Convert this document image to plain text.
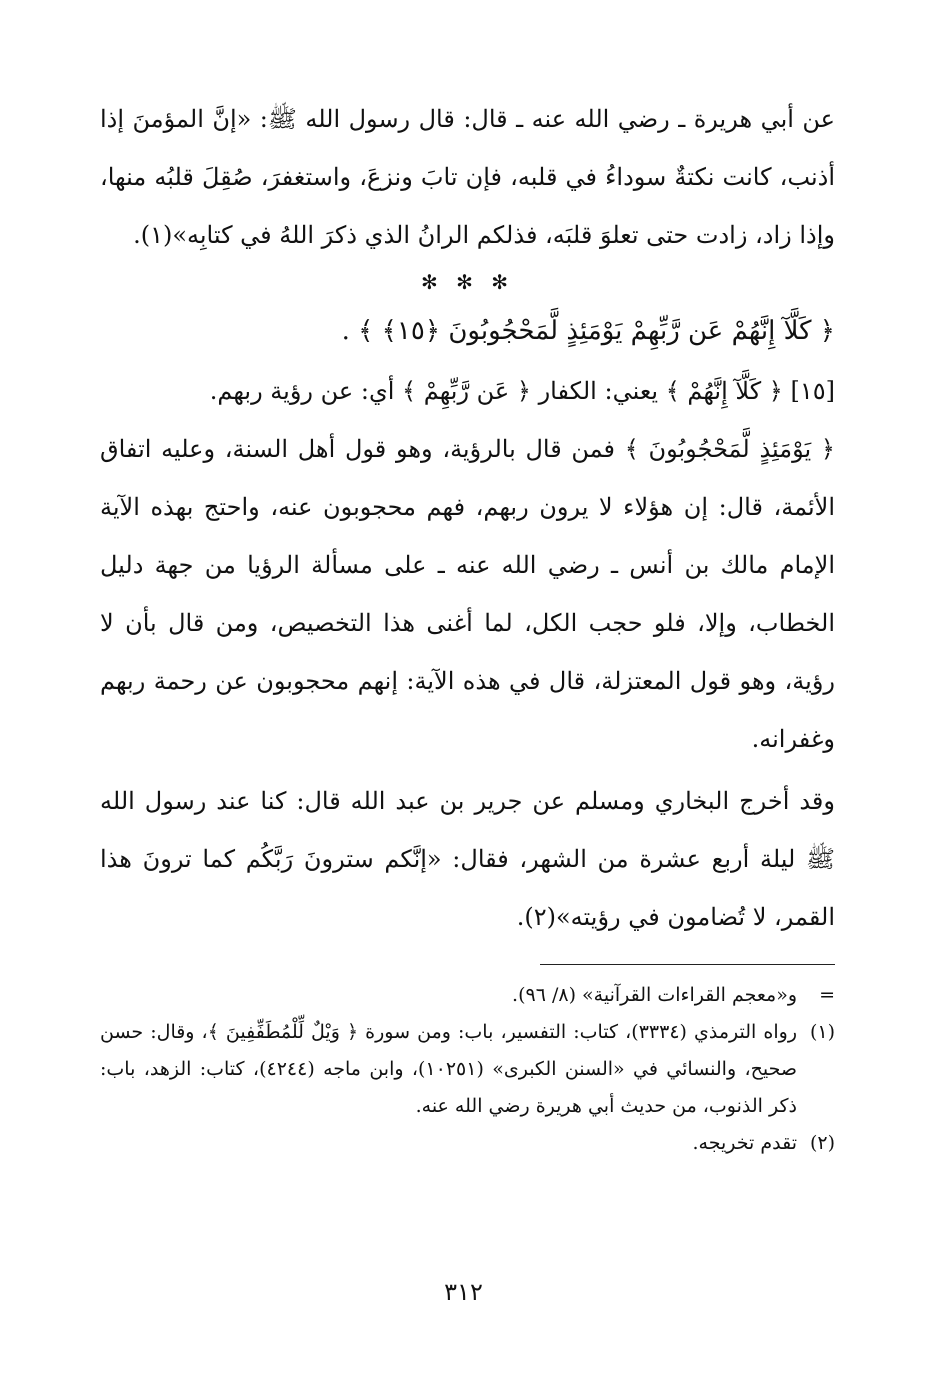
عن أبي هريرة ـ رضي الله عنه ـ قال: قال رسول الله ﷺ: «إنَّ المؤمنَ إذا أذنب، كانت نكتةٌ سوداءُ في قلبه، فإن تابَ ونزعَ، واستغفرَ، صُقِلَ قلبُه منها، وإذا زاد، زادت حتى تعلوَ قلبَه، فذلكم الرانُ الذي ذكرَ اللهُ في كتابِه»(١).

✻ ✻ ✻

﴿ كَلَّآ إِنَّهُمْ عَن رَّبِّهِمْ يَوْمَئِذٍ لَّمَحْجُوبُونَ ﴿١٥﴾ ﴾ .

[١٥] ﴿ كَلَّآ إِنَّهُمْ ﴾ يعني: الكفار ﴿ عَن رَّبِّهِمْ ﴾ أي: عن رؤية ربهم.

﴿ يَوْمَئِذٍ لَّمَحْجُوبُونَ ﴾ فمن قال بالرؤية، وهو قول أهل السنة، وعليه اتفاق الأئمة، قال: إن هؤلاء لا يرون ربهم، فهم محجوبون عنه، واحتج بهذه الآية الإمام مالك بن أنس ـ رضي الله عنه ـ على مسألة الرؤيا من جهة دليل الخطاب، وإلا، فلو حجب الكل، لما أغنى هذا التخصيص، ومن قال بأن لا رؤية، وهو قول المعتزلة، قال في هذه الآية: إنهم محجوبون عن رحمة ربهم وغفرانه.

وقد أخرج البخاري ومسلم عن جرير بن عبد الله قال: كنا عند رسول الله ﷺ ليلة أربع عشرة من الشهر، فقال: «إنَّكم سترونَ رَبَّكُم كما ترونَ هذا القمر، لا تُضامون في رؤيته»(٢).

=
و«معجم القراءات القرآنية» (٨/ ٩٦).
(١)
رواه الترمذي (٣٣٣٤)، كتاب: التفسير، باب: ومن سورة ﴿ وَيْلٌ لِّلْمُطَفِّفِينَ ﴾، وقال: حسن صحيح، والنسائي في «السنن الكبرى» (١٠٢٥١)، وابن ماجه (٤٢٤٤)، كتاب: الزهد، باب: ذكر الذنوب، من حديث أبي هريرة رضي الله عنه.
(٢)
تقدم تخريجه.
٣١٢
